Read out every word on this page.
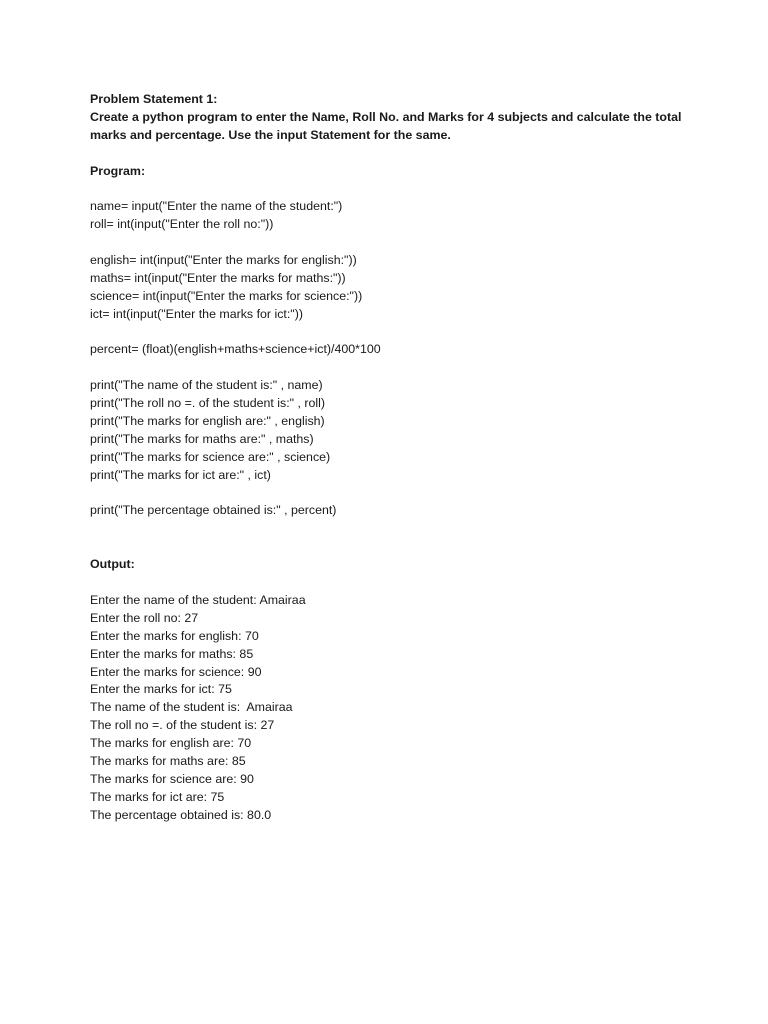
Problem Statement 1:

Create a python program to enter the Name, Roll No. and Marks for 4 subjects and calculate the total

marks and percentage. Use the input Statement for the same.

Program:

name= input("Enter the name of the student:")

roll= int(input("Enter the roll no:"))

english= int(input("Enter the marks for english:"))

maths= int(input("Enter the marks for maths:"))

science= int(input("Enter the marks for science:"))

ict= int(input("Enter the marks for ict:"))

percent= (float)(english+maths+science+ict)/400*100

print("The name of the student is:" , name)

print("The roll no =. of the student is:" , roll)

print("The marks for english are:" , english)

print("The marks for maths are:" , maths)

print("The marks for science are:" , science)

print("The marks for ict are:" , ict)

print("The percentage obtained is:" , percent)

Output:

Enter the name of the student: Amairaa

Enter the roll no: 27

Enter the marks for english: 70

Enter the marks for maths: 85

Enter the marks for science: 90

Enter the marks for ict: 75

The name of the student is:  Amairaa

The roll no =. of the student is: 27

The marks for english are: 70

The marks for maths are: 85

The marks for science are: 90

The marks for ict are: 75

The percentage obtained is: 80.0
